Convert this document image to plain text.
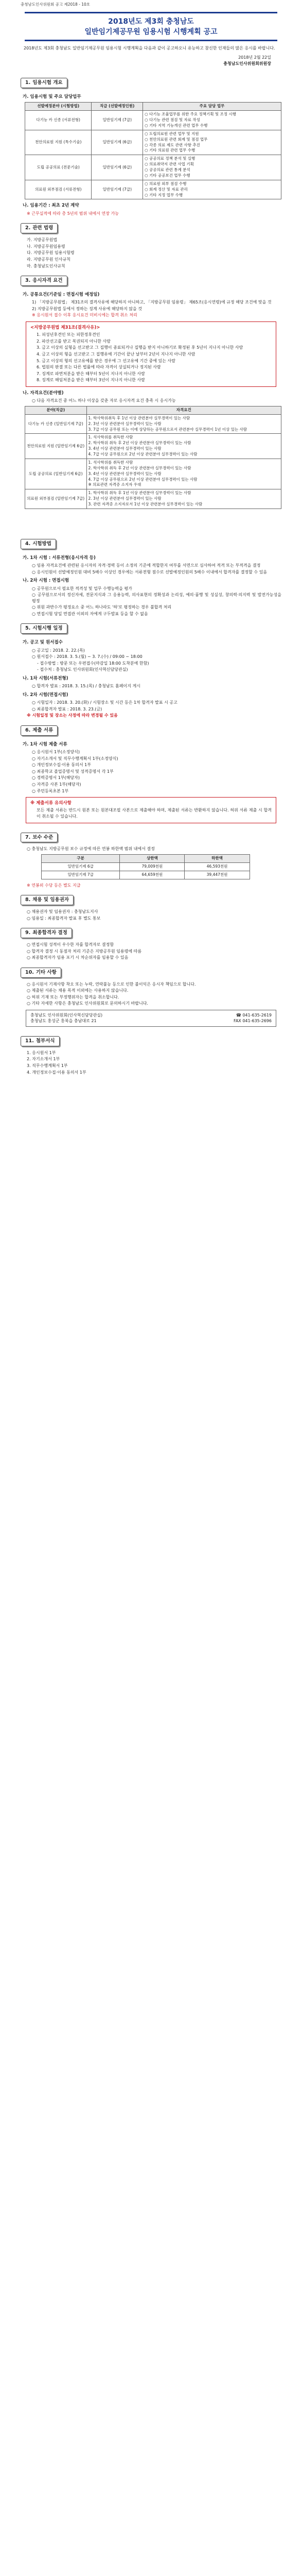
충청남도인사위원회 공고 제2018 - 10호
2018년도 제3회 충청남도
일반임기제공무원 임용시험 시행계획 공고

2018년도 제3회 충청남도 일반임기제공무원 임용시험 시행계획을 다음과 같이 공고하오니 유능하고 참신한 인재들의 많은 응시를 바랍니다.

2018년 2월 22일
충청남도인사위원회위원장
1. 임용시험 개요
가. 임용시험 및 주요 담당업무
선발예정분야 (시험방법)	직급 (선발예정인원)	주요 담당 업무
다기능 카 신종 (서류전형)	일반임기제 (7급)	○ 다기능 조율업무를 위한 주요 정책기획 및 조정 시행
○ 다기능 관련 점검 및 자료 작성
○ 기타 지역 기능개선 관련 업무 수행
천안의료원 지원 (특수기술)	일반임기제 (6급)	○ 도립의료원 관련 업무 및 지원
○ 천안의료원 관련 회계 및 점검 업무
○ 각종 의료 제도 관련 사항 추진
○ 기타 의료원 관련 업무 수행
도립 공공의료 (전문기술)	일반임기제 (6급)	○ 공공의료 정책 분석 및 실행
○ 의료취약지 관련 사업 기획
○ 공공의료 관련 통계 분석
○ 기타 공공보건 업무 수행
의료원 외부점검 (서류전형)	일반임기제 (7급)	○ 의료원 외부 점검 수행
○ 회계 정산 및 자료 관리
○ 기타 지정 업무 수행
나. 임용기간 : 최초 2년 계약
※ 근무실적에 따라 총 5년의 범위 내에서 연장 가능
2. 관련 법령
가. 지방공무원법
나. 지방공무원임용령
다. 지방공무원 임용시험령
라. 지방공무원 인사규칙
마. 충청남도인사규칙
3. 응시자격 요건
가. 공통요건(기준일 : 면접시험 예정일)
1) 「지방공무원법」 제31조의 결격사유에 해당하지 아니하고, 「지방공무원 임용령」 제65조(응시연령)에 규정 해당 조건에 맞을 것
2) 지방공무원법 등에서 정하는 징계 사유에 해당하지 않을 것
※ 응시원서 접수 이후 응시요건 미비시에는 합격 취소 처리
<지방공무원법 제31조(결격사유)>
1. 피성년후견인 또는 피한정후견인
2. 파산선고를 받고 복권되지 아니한 사람
3. 금고 이상의 실형을 선고받고 그 집행이 종료되거나 집행을 받지 아니하기로 확정된 후 5년이 지나지 아니한 사람
4. 금고 이상의 형을 선고받고 그 집행유예 기간이 끝난 날부터 2년이 지나지 아니한 사람
5. 금고 이상의 형의 선고유예를 받은 경우에 그 선고유예 기간 중에 있는 사람
6. 법원의 판결 또는 다른 법률에 따라 자격이 상실되거나 정지된 사람
7. 징계로 파면처분을 받은 때부터 5년이 지나지 아니한 사람
8. 징계로 해임처분을 받은 때부터 3년이 지나지 아니한 사람
나. 자격요건(분야별)
○ 다음 자격요건 중 어느 하나 이상을 갖춘 자로 응시자격 요건 충족 시 응시가능
분야(직급)	자격요건
다기능 카 신종 (일반임기제 7급)	1. 학사학위취득 후 1년 이상 관련분야 실무경력이 있는 사람
2. 3년 이상 관련분야 실무경력이 있는 사람
3. 7급 이상 공무원 또는 이에 상당하는 공무원으로서 관련분야 실무경력이 1년 이상 있는 사람
천안의료원 지원 (일반임기제 6급)	1. 석사학위를 취득한 사람
2. 학사학위 취득 후 2년 이상 관련분야 실무경력이 있는 사람
3. 4년 이상 관련분야 실무경력이 있는 사람
4. 7급 이상 공무원으로 2년 이상 관련분야 실무경력이 있는 사람
도립 공공의료 (일반임기제 6급)	1. 석사학위를 취득한 사람
2. 학사학위 취득 후 2년 이상 관련분야 실무경력이 있는 사람
3. 4년 이상 관련분야 실무경력이 있는 사람
4. 7급 이상 공무원으로 2년 이상 관련분야 실무경력이 있는 사람
※ 의료관련 자격증 소지자 우대
의료원 외부점검 (일반임기제 7급)	1. 학사학위 취득 후 1년 이상 관련분야 실무경력이 있는 사람
2. 3년 이상 관련분야 실무경력이 있는 사람
3. 관련 자격증 소지자로서 1년 이상 관련분야 실무경력이 있는 사람
4. 시험방법
가. 1차 시험 : 서류전형(응시자격 등)
○ 임용 자격요건에 관련된 응시자의 자격·경력 등이 소정의 기준에 적합한지 여부를 서면으로 심사하여 적격 또는 부적격을 결정
○ 응시인원이 선발예정인원 대비 5배수 이상인 경우에는 서류전형 점수로 선발예정인원의 5배수 이내에서 합격자를 결정할 수 있음
나. 2차 시험 : 면접시험
○ 공무원으로서 필요한 적격성 및 업무 수행능력을 평가
○ 공무원으로서의 정신자세, 전문지식과 그 응용능력, 의사표현의 정확성과 논리성, 예의·품행 및 성실성, 창의력·의지력 및 발전가능성을 평정
○ 위원 과반수가 평정요소 중 어느 하나라도 '하'로 평정하는 경우 불합격 처리
○ 면접시험 당일 면접관 이외의 자에게 구두발표 등을 할 수 없음
5. 시험시행 일정
가. 공고 및 원서접수
○ 공고일 : 2018. 2. 22.(목)
○ 원서접수 : 2018. 3. 5.(월) ~ 3. 7.(수) / 09:00 ~ 18:00
- 접수방법 : 방문 또는 우편접수(마감일 18:00 도착분에 한함)
- 접수처 : 충청남도 인사위원회(인사혁신담당관실)
나. 1차 시험(서류전형)
○ 합격자 발표 : 2018. 3. 15.(목) / 충청남도 홈페이지 게시
다. 2차 시험(면접시험)
○ 시험일자 : 2018. 3. 20.(화) / 시험장소 및 시간 등은 1차 합격자 발표 시 공고
○ 최종합격자 발표 : 2018. 3. 23.(금)
※ 시험일정 및 장소는 사정에 따라 변경될 수 있음
6. 제출 서류
가. 1차 시험 제출 서류
○ 응시원서 1부(소정양식)
○ 자기소개서 및 직무수행계획서 1부(소정양식)
○ 개인정보수집·이용 동의서 1부
○ 최종학교 졸업증명서 및 성적증명서 각 1부
○ 경력증명서 1부(해당자)
○ 자격증 사본 1부(해당자)
○ 주민등록초본 1부
※ 제출서류 유의사항
모든 제출 서류는 반드시 원본 또는 원본대조필 사본으로 제출해야 하며, 제출된 서류는 반환하지 않습니다. 허위 서류 제출 시 합격이 취소될 수 있습니다.
7. 보수 수준
○ 충청남도 지방공무원 보수 규정에 따른 연봉 하한액 범위 내에서 결정
구분	상한액	하한액
일반임기제 6급	79,009천원	46,593천원
일반임기제 7급	64,659천원	39,447천원
※ 연봉외 수당 등은 별도 지급
8. 채용 및 임용권자
○ 채용권자 및 임용권자 : 충청남도지사
○ 임용일 : 최종합격자 발표 후 별도 통보
9. 최종합격자 결정
○ 면접시험 성적이 우수한 자를 합격자로 결정함
○ 합격자 결정 시 동점자 처리 기준은 지방공무원 임용령에 따름
○ 최종합격자가 임용 포기 시 차순위자를 임용할 수 있음
10. 기타 사항
○ 응시원서 기재사항 착오 또는 누락, 연락불능 등으로 인한 불이익은 응시자 책임으로 합니다.
○ 제출된 서류는 채용 목적 이외에는 사용하지 않습니다.
○ 허위 기재 또는 부정행위자는 합격을 취소합니다.
○ 기타 자세한 사항은 충청남도 인사위원회로 문의하시기 바랍니다.
충청남도 인사위원회(인사혁신담당관실)
충청남도 홍성군 홍북읍 충남대로 21
☎ 041-635-2619
FAX 041-635-2696
11. 첨부서식
1. 응시원서 1부
2. 자기소개서 1부
3. 직무수행계획서 1부
4. 개인정보수집·이용 동의서 1부
